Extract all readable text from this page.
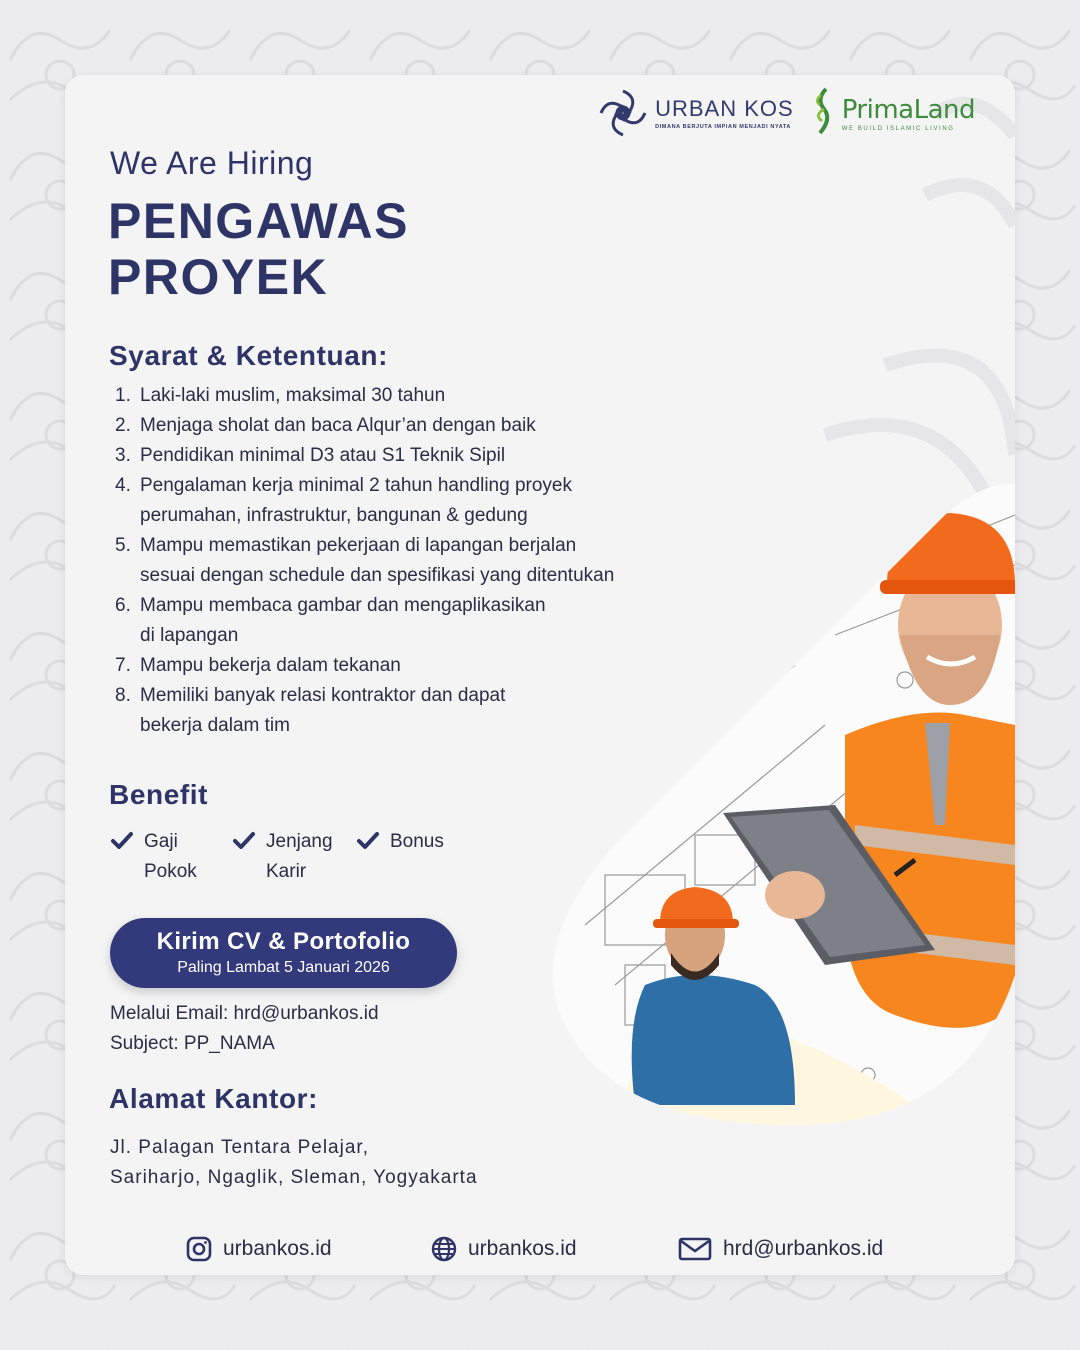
URBAN KOS
DIMANA BERJUTA IMPIAN MENJADI NYATA
PrimaLand
WE BUILD ISLAMIC LIVING
We Are Hiring
PENGAWAS
PROYEK
Syarat & Ketentuan:
1. Laki-laki muslim, maksimal 30 tahun
2. Menjaga sholat dan baca Alqur’an dengan baik
3. Pendidikan minimal D3 atau S1 Teknik Sipil
4. Pengalaman kerja minimal 2 tahun handling proyek
perumahan, infrastruktur, bangunan & gedung
5. Mampu memastikan pekerjaan di lapangan berjalan
sesuai dengan schedule dan spesifikasi yang ditentukan
6. Mampu membaca gambar dan mengaplikasikan
di lapangan
7. Mampu bekerja dalam tekanan
8. Memiliki banyak relasi kontraktor dan dapat
bekerja dalam tim
Benefit
Gaji
Pokok
Jenjang
Karir
Bonus
Kirim CV & Portofolio
Paling Lambat 5 Januari 2026
Melalui Email: hrd@urbankos.id
Subject: PP_NAMA
Alamat Kantor:
Jl. Palagan Tentara Pelajar,
Sariharjo, Ngaglik, Sleman, Yogyakarta
urbankos.id	urbankos.id	hrd@urbankos.id
